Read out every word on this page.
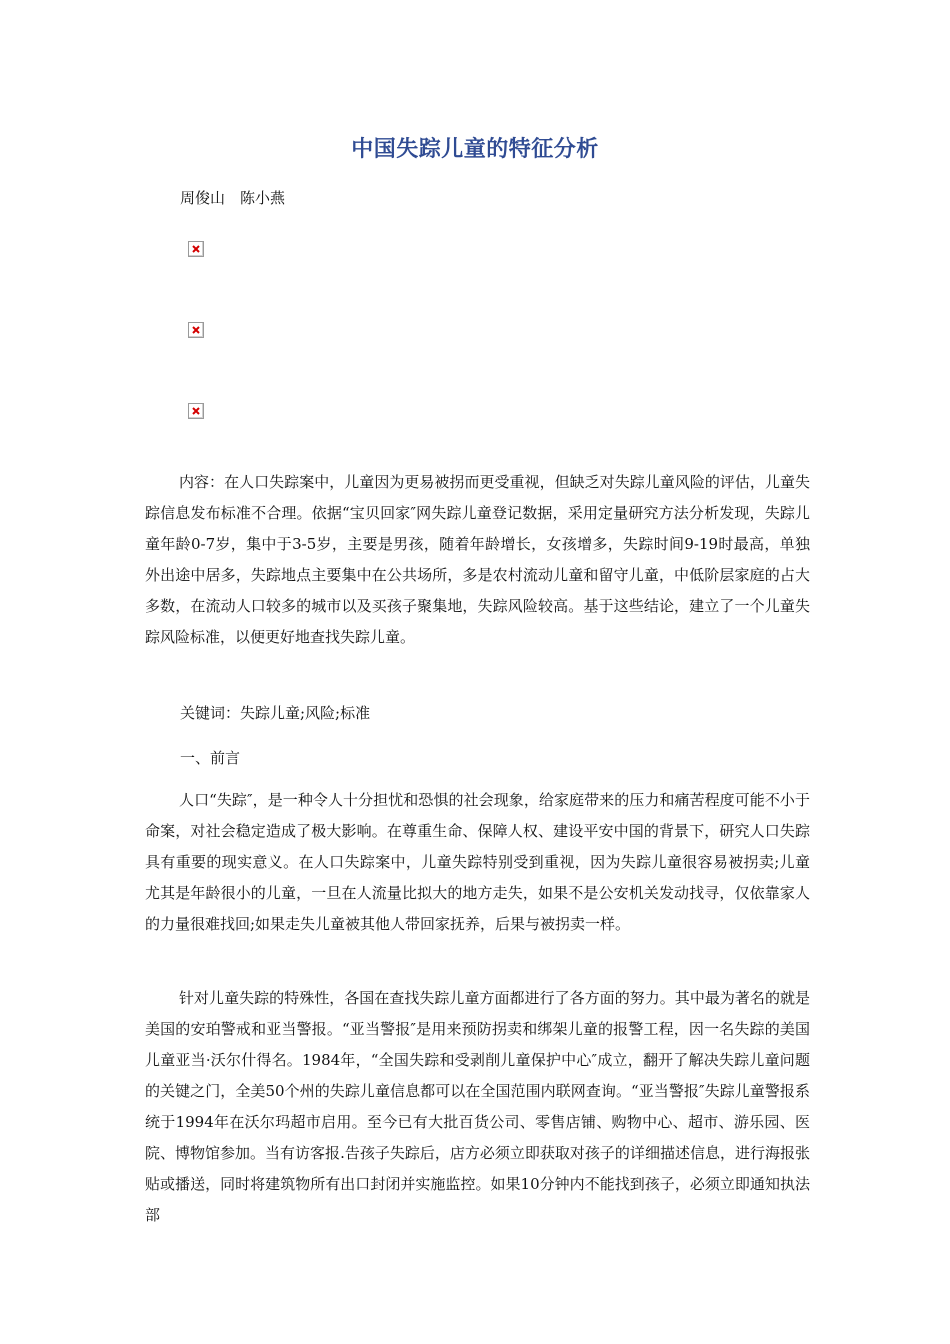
中国失踪儿童的特征分析
周俊山　陈小燕

内容：在人口失踪案中，儿童因为更易被拐而更受重视，但缺乏对失踪儿童风险的评估，儿童失踪信息发布标准不合理。依据“宝贝回家″网失踪儿童登记数据，采用定量研究方法分析发现，失踪儿童年龄0-7岁，集中于3-5岁，主要是男孩，随着年龄增长，女孩增多，失踪时间9-19时最高，单独外出途中居多，失踪地点主要集中在公共场所，多是农村流动儿童和留守儿童，中低阶层家庭的占大多数，在流动人口较多的城市以及买孩子聚集地，失踪风险较高。基于这些结论，建立了一个儿童失踪风险标准，以便更好地查找失踪儿童。

关键词：失踪儿童;风险;标准

一、前言

人口“失踪″，是一种令人十分担忧和恐惧的社会现象，给家庭带来的压力和痛苦程度可能不小于命案，对社会稳定造成了极大影响。在尊重生命、保障人权、建设平安中国的背景下，研究人口失踪具有重要的现实意义。在人口失踪案中，儿童失踪特别受到重视，因为失踪儿童很容易被拐卖;儿童尤其是年龄很小的儿童，一旦在人流量比拟大的地方走失，如果不是公安机关发动找寻，仅依靠家人的力量很难找回;如果走失儿童被其他人带回家抚养，后果与被拐卖一样。

针对儿童失踪的特殊性，各国在查找失踪儿童方面都进行了各方面的努力。其中最为著名的就是美国的安珀警戒和亚当警报。“亚当警报″是用来预防拐卖和绑架儿童的报警工程，因一名失踪的美国儿童亚当·沃尔什得名。1984年，“全国失踪和受剥削儿童保护中心″成立，翻开了解决失踪儿童问题的关键之门，全美50个州的失踪儿童信息都可以在全国范围内联网查询。“亚当警报″失踪儿童警报系统于1994年在沃尔玛超市启用。至今已有大批百货公司、零售店铺、购物中心、超市、游乐园、医院、博物馆参加。当有访客报.告孩子失踪后，店方必须立即获取对孩子的详细描述信息，进行海报张贴或播送，同时将建筑物所有出口封闭并实施监控。如果10分钟内不能找到孩子，必须立即通知执法部
